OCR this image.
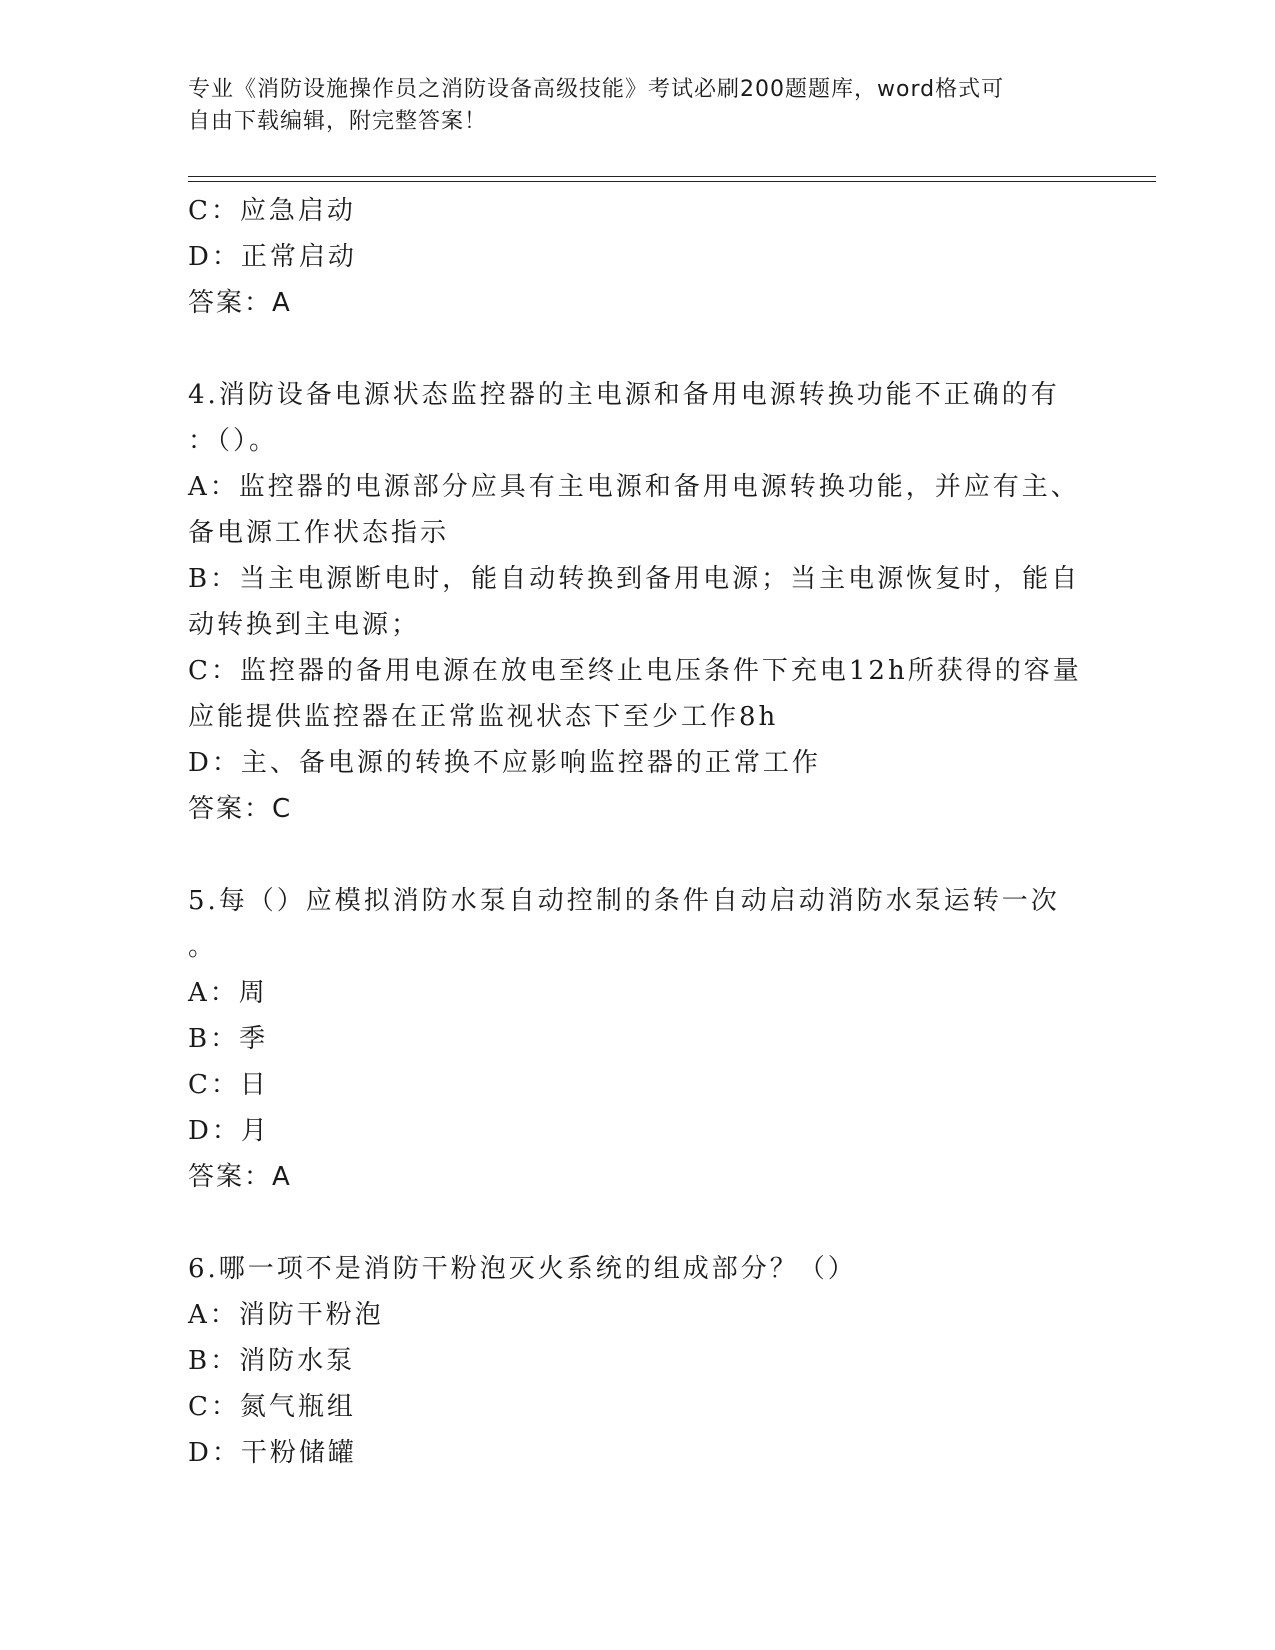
专业《消防设施操作员之消防设备高级技能》考试必刷200题题库，word格式可
自由下载编辑，附完整答案！
C：应急启动
D：正常启动
答案：A
4.消防设备电源状态监控器的主电源和备用电源转换功能不正确的有
：（）。
A：监控器的电源部分应具有主电源和备用电源转换功能，并应有主、
备电源工作状态指示
B：当主电源断电时，能自动转换到备用电源；当主电源恢复时，能自
动转换到主电源；
C：监控器的备用电源在放电至终止电压条件下充电12h所获得的容量
应能提供监控器在正常监视状态下至少工作8h
D：主、备电源的转换不应影响监控器的正常工作
答案：C
5.每（）应模拟消防水泵自动控制的条件自动启动消防水泵运转一次
。
A：周
B：季
C：日
D：月
答案：A
6.哪一项不是消防干粉泡灭火系统的组成部分？（）
A：消防干粉泡
B：消防水泵
C：氮气瓶组
D：干粉储罐
